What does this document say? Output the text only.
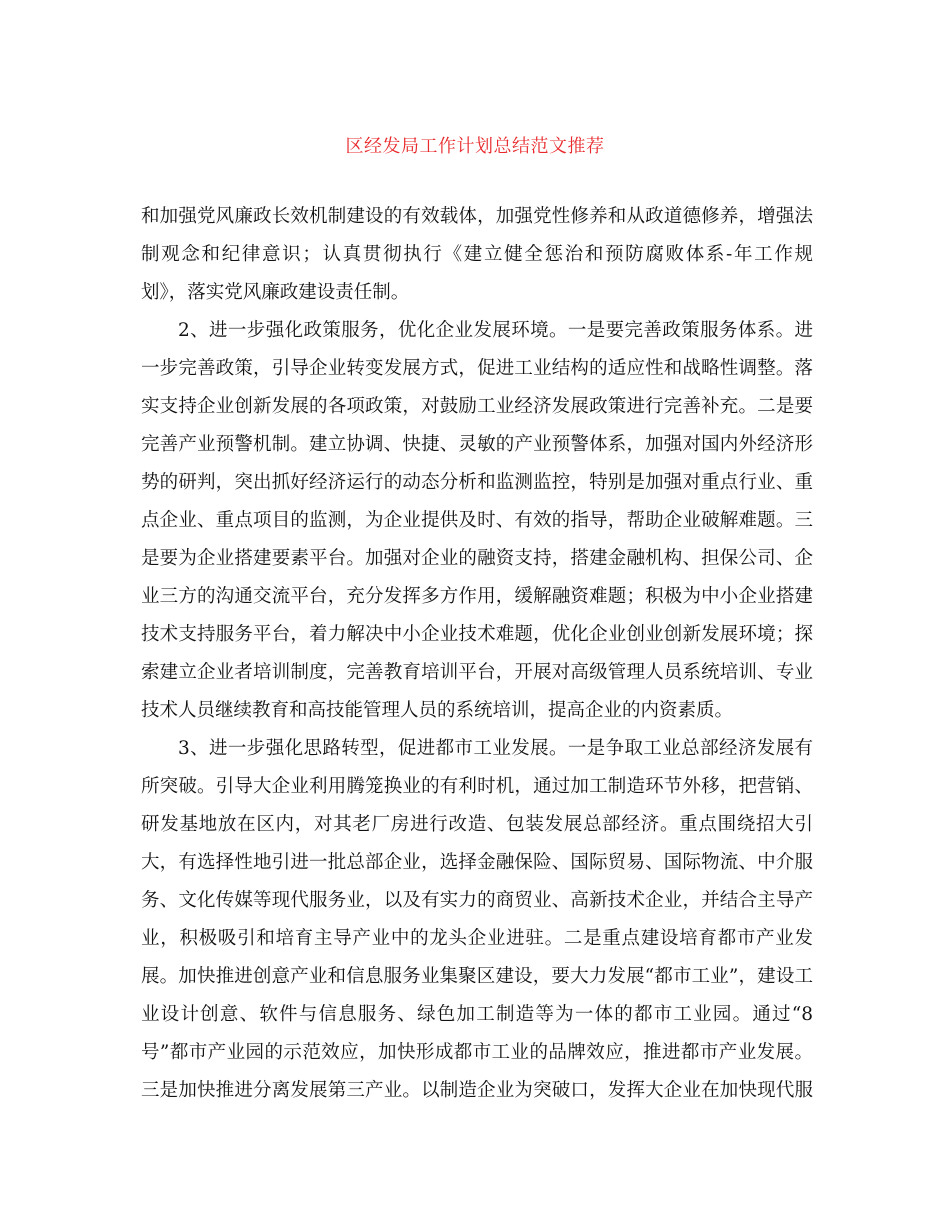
区经发局工作计划总结范文推荐
和加强党风廉政长效机制建设的有效载体，加强党性修养和从政道德修养，增强法
制观念和纪律意识；认真贯彻执行《建立健全惩治和预防腐败体系-年工作规
划》，落实党风廉政建设责任制。
2、进一步强化政策服务，优化企业发展环境。一是要完善政策服务体系。进
一步完善政策，引导企业转变发展方式，促进工业结构的适应性和战略性调整。落
实支持企业创新发展的各项政策，对鼓励工业经济发展政策进行完善补充。二是要
完善产业预警机制。建立协调、快捷、灵敏的产业预警体系，加强对国内外经济形
势的研判，突出抓好经济运行的动态分析和监测监控，特别是加强对重点行业、重
点企业、重点项目的监测，为企业提供及时、有效的指导，帮助企业破解难题。三
是要为企业搭建要素平台。加强对企业的融资支持，搭建金融机构、担保公司、企
业三方的沟通交流平台，充分发挥多方作用，缓解融资难题；积极为中小企业搭建
技术支持服务平台，着力解决中小企业技术难题，优化企业创业创新发展环境；探
索建立企业者培训制度，完善教育培训平台，开展对高级管理人员系统培训、专业
技术人员继续教育和高技能管理人员的系统培训，提高企业的内资素质。
3、进一步强化思路转型，促进都市工业发展。一是争取工业总部经济发展有
所突破。引导大企业利用腾笼换业的有利时机，通过加工制造环节外移，把营销、
研发基地放在区内，对其老厂房进行改造、包装发展总部经济。重点围绕招大引
大，有选择性地引进一批总部企业，选择金融保险、国际贸易、国际物流、中介服
务、文化传媒等现代服务业，以及有实力的商贸业、高新技术企业，并结合主导产
业，积极吸引和培育主导产业中的龙头企业进驻。二是重点建设培育都市产业发
展。加快推进创意产业和信息服务业集聚区建设，要大力发展“都市工业”，建设工
业设计创意、软件与信息服务、绿色加工制造等为一体的都市工业园。通过“8
号”都市产业园的示范效应，加快形成都市工业的品牌效应，推进都市产业发展。
三是加快推进分离发展第三产业。以制造企业为突破口，发挥大企业在加快现代服
